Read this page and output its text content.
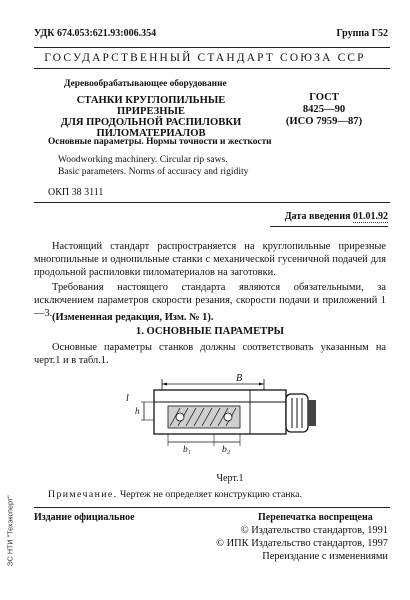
УДК 674.053:621.93:006.354	Группа Г52
ГОСУДАРСТВЕННЫЙ СТАНДАРТ СОЮЗА ССР
Деревообрабатывающее оборудование
СТАНКИ КРУГЛОПИЛЬНЫЕ ПРИРЕЗНЫЕ
ДЛЯ ПРОДОЛЬНОЙ РАСПИЛОВКИ
ПИЛОМАТЕРИАЛОВ
ГОСТ
8425—90
(ИСО 7959—87)
Основные параметры. Нормы точности и жесткости
Woodworking machinery. Circular rip saws.
Basic parameters. Norms of accuracy and rigidity
ОКП 38 3111
Дата введения 01.01.92
Настоящий стандарт распространяется на круглопильные прирезные многопильные и однопильные станки с механической гусеничной подачей для продольной распиловки пиломатериалов на заготовки.
Требования настоящего стандарта являются обязательными, за исключением параметров скорости резания, скорости подачи и приложений 1—3. (Измененная редакция, Изм. № 1).
1. ОСНОВНЫЕ ПАРАМЕТРЫ
Основные параметры станков должны соответствовать указанным на черт.1 и в табл.1.
В
l
h
b₁	b₂
Черт.1
Примечание. Чертеж не определяет конструкцию станка.
ЭС НТИ "Техэксперт" Издание официальное	Перепечатка воспрещена
© Издательство стандартов, 1991
© ИПК Издательство стандартов, 1997
Переиздание с изменениями
